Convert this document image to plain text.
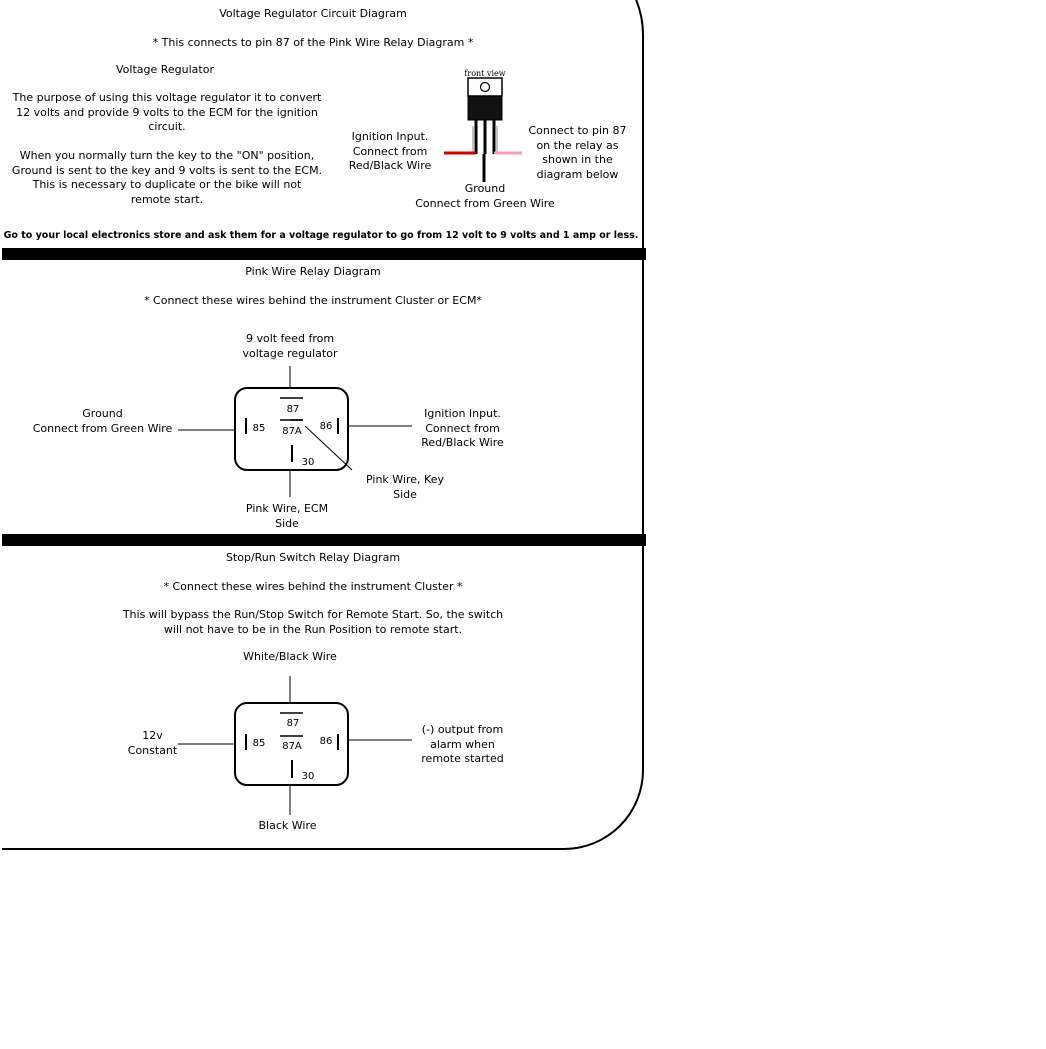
Voltage Regulator Circuit Diagram
* This connects to pin 87 of the Pink Wire Relay Diagram *
Voltage Regulator
The purpose of using this voltage regulator it to convert
12 volts and provide 9 volts to the ECM for the ignition
circuit.
When you normally turn the key to the "ON" position,
Ground is sent to the key and 9 volts is sent to the ECM.
This is necessary to duplicate or the bike will not
remote start.
front view
Ignition Input.
Connect from
Red/Black Wire
Connect to pin 87
on the relay as
shown in the
diagram below
Ground
Connect from Green Wire
Go to your local electronics store and ask them for a voltage regulator to go from 12 volt to 9 volts and 1 amp or less.
Pink Wire Relay Diagram
* Connect these wires behind the instrument Cluster or ECM*
9 volt feed from
voltage regulator
Ground
Connect from Green Wire
Ignition Input.
Connect from
Red/Black Wire
Pink Wire, Key
Side
Pink Wire, ECM
Side
87
87A
85	86
30
Stop/Run Switch Relay Diagram
* Connect these wires behind the instrument Cluster *
This will bypass the Run/Stop Switch for Remote Start. So, the switch
will not have to be in the Run Position to remote start.
White/Black Wire
12v
Constant
(-) output from
alarm when
remote started
Black Wire
87
87A
85	86
30
